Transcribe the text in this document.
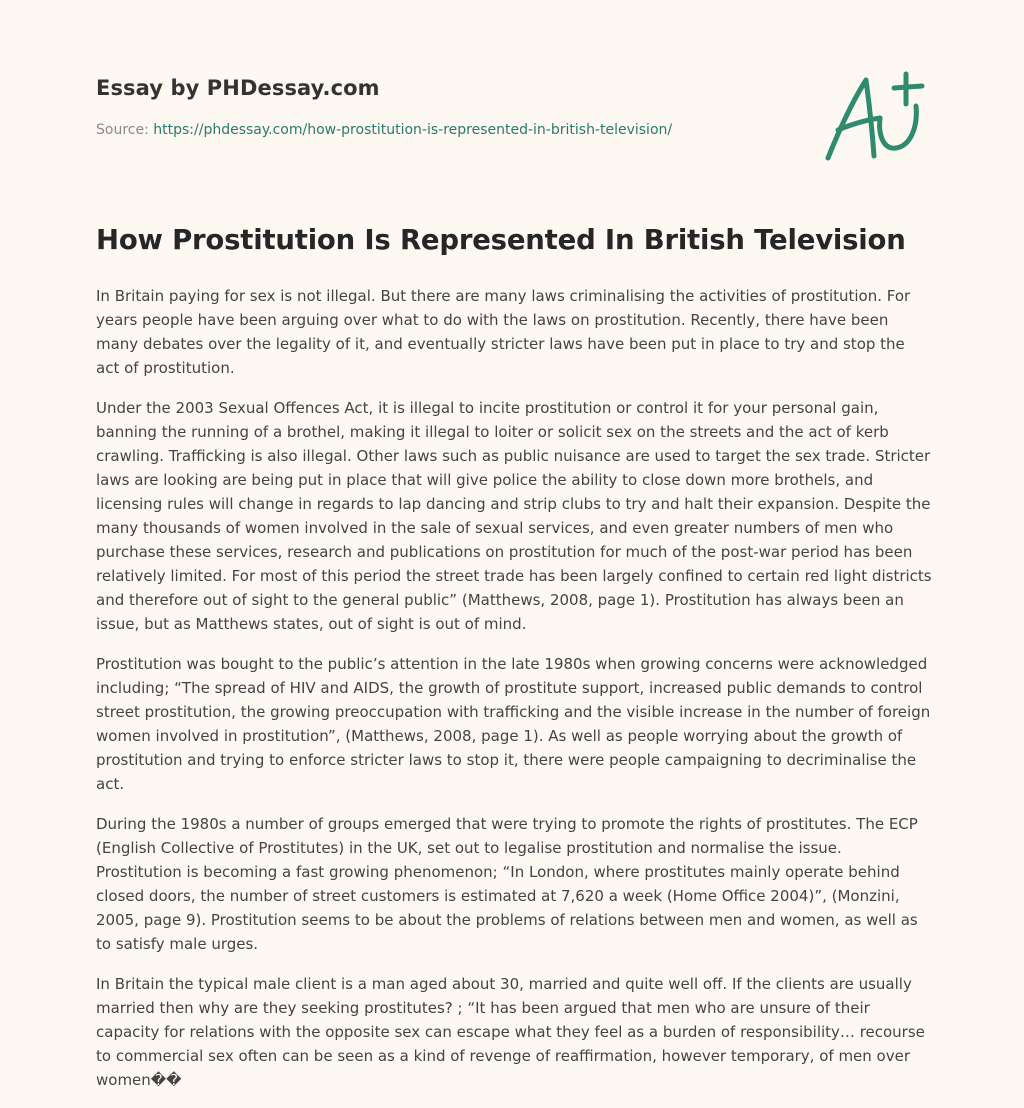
Essay by PHDessay.com
Source: https://phdessay.com/how-prostitution-is-represented-in-british-television/
How Prostitution Is Represented In British Television

In Britain paying for sex is not illegal. But there are many laws criminalising the activities of prostitution. For years people have been arguing over what to do with the laws on prostitution. Recently, there have been many debates over the legality of it, and eventually stricter laws have been put in place to try and stop the act of prostitution.

Under the 2003 Sexual Offences Act, it is illegal to incite prostitution or control it for your personal gain, banning the running of a brothel, making it illegal to loiter or solicit sex on the streets and the act of kerb crawling. Trafficking is also illegal. Other laws such as public nuisance are used to target the sex trade. Stricter laws are looking are being put in place that will give police the ability to close down more brothels, and licensing rules will change in regards to lap dancing and strip clubs to try and halt their expansion. Despite the many thousands of women involved in the sale of sexual services, and even greater numbers of men who purchase these services, research and publications on prostitution for much of the post-war period has been relatively limited. For most of this period the street trade has been largely confined to certain red light districts and therefore out of sight to the general public” (Matthews, 2008, page 1). Prostitution has always been an issue, but as Matthews states, out of sight is out of mind.

Prostitution was bought to the public’s attention in the late 1980s when growing concerns were acknowledged including; “The spread of HIV and AIDS, the growth of prostitute support, increased public demands to control street prostitution, the growing preoccupation with trafficking and the visible increase in the number of foreign women involved in prostitution”, (Matthews, 2008, page 1). As well as people worrying about the growth of prostitution and trying to enforce stricter laws to stop it, there were people campaigning to decriminalise the act.

During the 1980s a number of groups emerged that were trying to promote the rights of prostitutes. The ECP (English Collective of Prostitutes) in the UK, set out to legalise prostitution and normalise the issue. Prostitution is becoming a fast growing phenomenon; “In London, where prostitutes mainly operate behind closed doors, the number of street customers is estimated at 7,620 a week (Home Office 2004)”, (Monzini, 2005, page 9). Prostitution seems to be about the problems of relations between men and women, as well as to satisfy male urges.

In Britain the typical male client is a man aged about 30, married and quite well off. If the clients are usually married then why are they seeking prostitutes? ; “It has been argued that men who are unsure of their capacity for relations with the opposite sex can escape what they feel as a burden of responsibility… recourse to commercial sex often can be seen as a kind of revenge of reaffirmation, however temporary, of men over women��
